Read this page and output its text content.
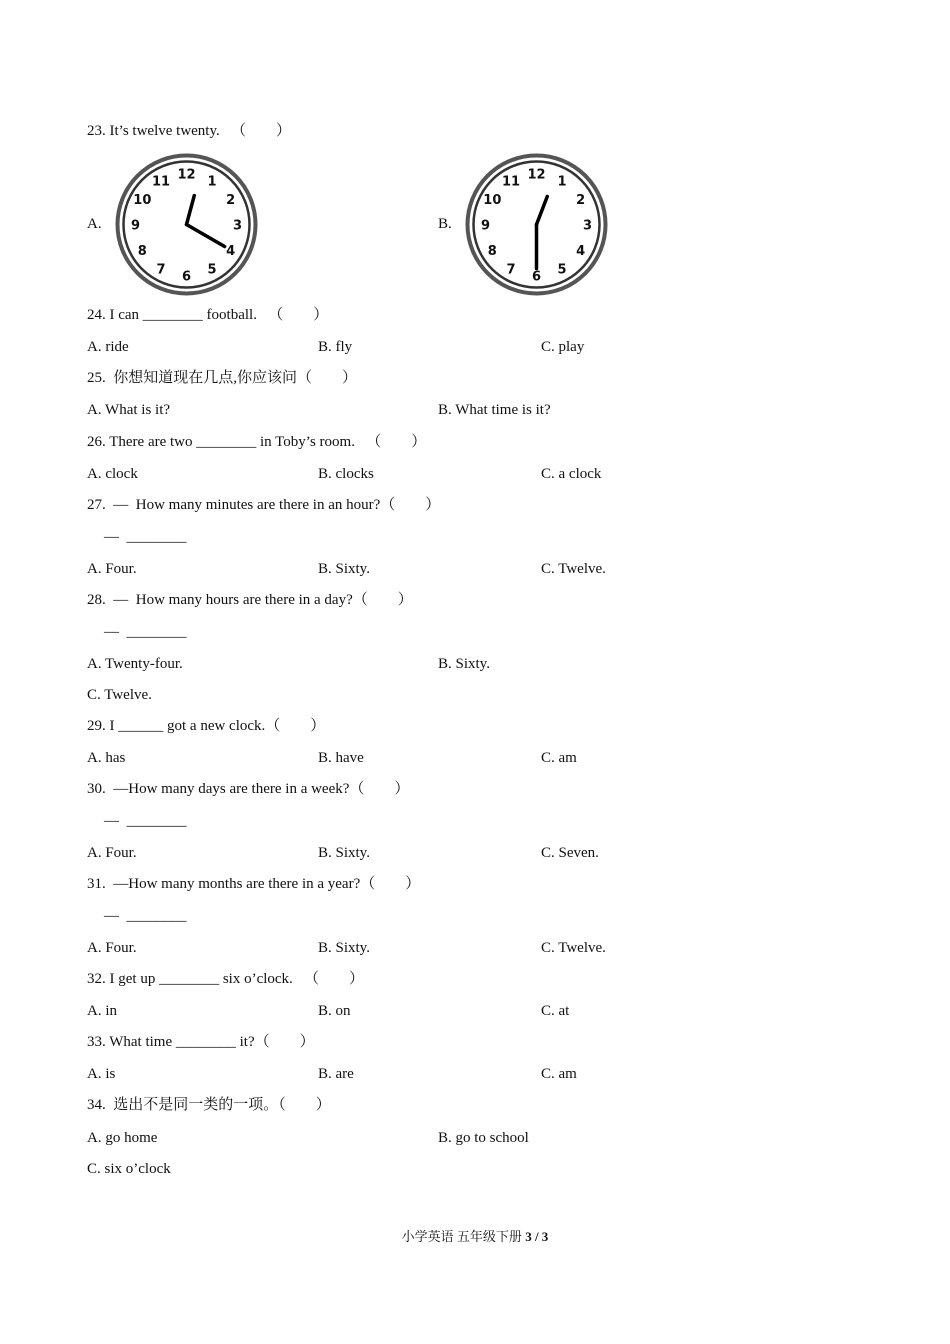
23. It’s twelve twenty.   （        ）
A.
12 1
2
3
4
5
6
7
8
9
10
11
B.
12 1
2
3
4
5
6
7
8
9
10
11
24. I can ________ football.   （        ）
A. ride	B. fly	C. play
25.  你想知道现在几点,你应该问（        ）
A. What is it?	B. What time is it?
26. There are two ________ in Toby’s room.   （        ）
A. clock	B. clocks	C. a clock
27.  —  How many minutes are there in an hour?（        ）
—  ________
A. Four.	B. Sixty.	C. Twelve.
28.  —  How many hours are there in a day?（        ）
—  ________
A. Twenty-four.	B. Sixty.
C. Twelve.
29. I ______ got a new clock.（        ）
A. has	B. have	C. am
30.  —How many days are there in a week?（        ）
—  ________
A. Four.	B. Sixty.	C. Seven.
31.  —How many months are there in a year?（        ）
—  ________
A. Four.	B. Sixty.	C. Twelve.
32. I get up ________ six o’clock.   （        ）
A. in	B. on	C. at
33. What time ________ it?（        ）
A. is	B. are	C. am
34.  选出不是同一类的一项。（        ）
A. go home	B. go to school
C. six o’clock
小学英语 五年级下册 3 / 3
